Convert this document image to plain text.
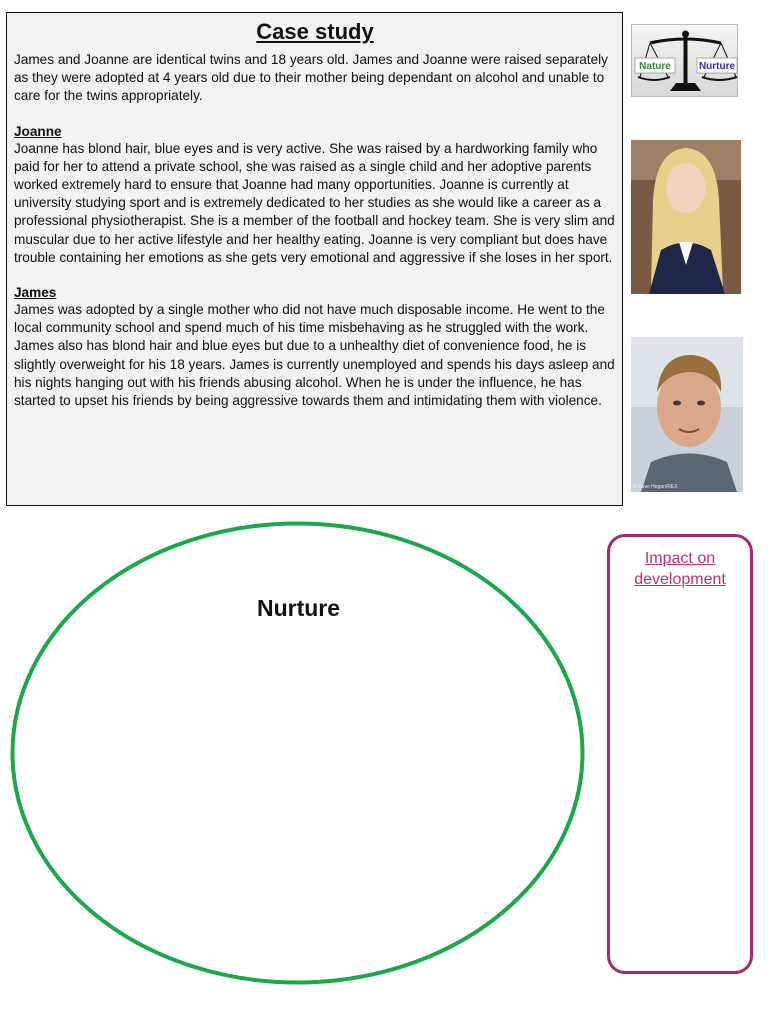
Case study

James and Joanne are identical twins and 18 years old. James and Joanne were raised separately as they were adopted at 4 years old due to their mother being dependant on alcohol and unable to care for the twins appropriately.

Joanne

Joanne has blond hair, blue eyes and is very active. She was raised by a hardworking family who paid for her to attend a private school, she was raised as a single child and her adoptive parents worked extremely hard to ensure that Joanne had many opportunities. Joanne is currently at university studying sport and is extremely dedicated to her studies as she would like a career as a professional physiotherapist. She is a member of the football and hockey team. She is very slim and muscular due to her active lifestyle and her healthy eating. Joanne is very compliant but does have trouble containing her emotions as she gets very emotional and aggressive if she loses in her sport.

James

James was adopted by a single mother who did not have much disposable income. He went to the local community school and spend much of his time misbehaving as he struggled with the work. James also has blond hair and blue eyes but due to a unhealthy diet of convenience food, he is slightly overweight for his 18 years. James is currently unemployed and spends his days asleep and his nights hanging out with his friends abusing alcohol. When he is under the influence, he has started to upset his friends by being aggressive towards them and intimidating them with violence.

Nature	Nurture
© Dave Hogan/REX
Nurture
Impact on development
